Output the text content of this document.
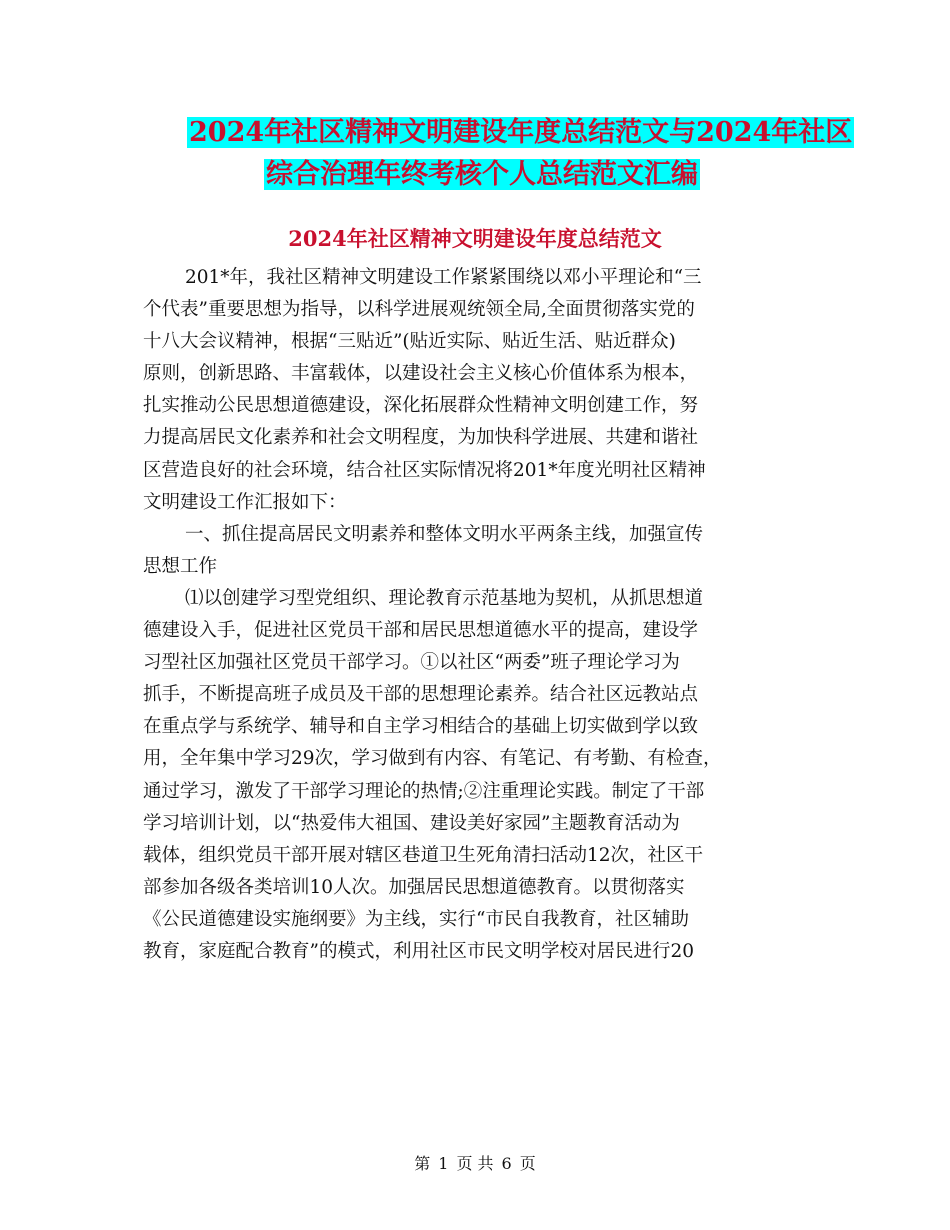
2024年社区精神文明建设年度总结范文与2024年社区
综合治理年终考核个人总结范文汇编
2024年社区精神文明建设年度总结范文
201*年，我社区精神文明建设工作紧紧围绕以邓小平理论和“三
个代表”重要思想为指导，以科学进展观统领全局,全面贯彻落实党的
十八大会议精神，根据“三贴近”(贴近实际、贴近生活、贴近群众)
原则，创新思路、丰富载体，以建设社会主义核心价值体系为根本，
扎实推动公民思想道德建设，深化拓展群众性精神文明创建工作，努
力提高居民文化素养和社会文明程度，为加快科学进展、共建和谐社
区营造良好的社会环境，结合社区实际情况将201*年度光明社区精神
文明建设工作汇报如下：
一、抓住提高居民文明素养和整体文明水平两条主线，加强宣传
思想工作
⑴以创建学习型党组织、理论教育示范基地为契机，从抓思想道
德建设入手，促进社区党员干部和居民思想道德水平的提高，建设学
习型社区加强社区党员干部学习。①以社区“两委”班子理论学习为
抓手，不断提高班子成员及干部的思想理论素养。结合社区远教站点
在重点学与系统学、辅导和自主学习相结合的基础上切实做到学以致
用，全年集中学习29次，学习做到有内容、有笔记、有考勤、有检查，
通过学习，激发了干部学习理论的热情;②注重理论实践。制定了干部
学习培训计划，以“热爱伟大祖国、建设美好家园”主题教育活动为
载体，组织党员干部开展对辖区巷道卫生死角清扫活动12次，社区干
部参加各级各类培训10人次。加强居民思想道德教育。以贯彻落实
《公民道德建设实施纲要》为主线，实行“市民自我教育，社区辅助
教育，家庭配合教育”的模式，利用社区市民文明学校对居民进行20
第 1 页 共 6 页
